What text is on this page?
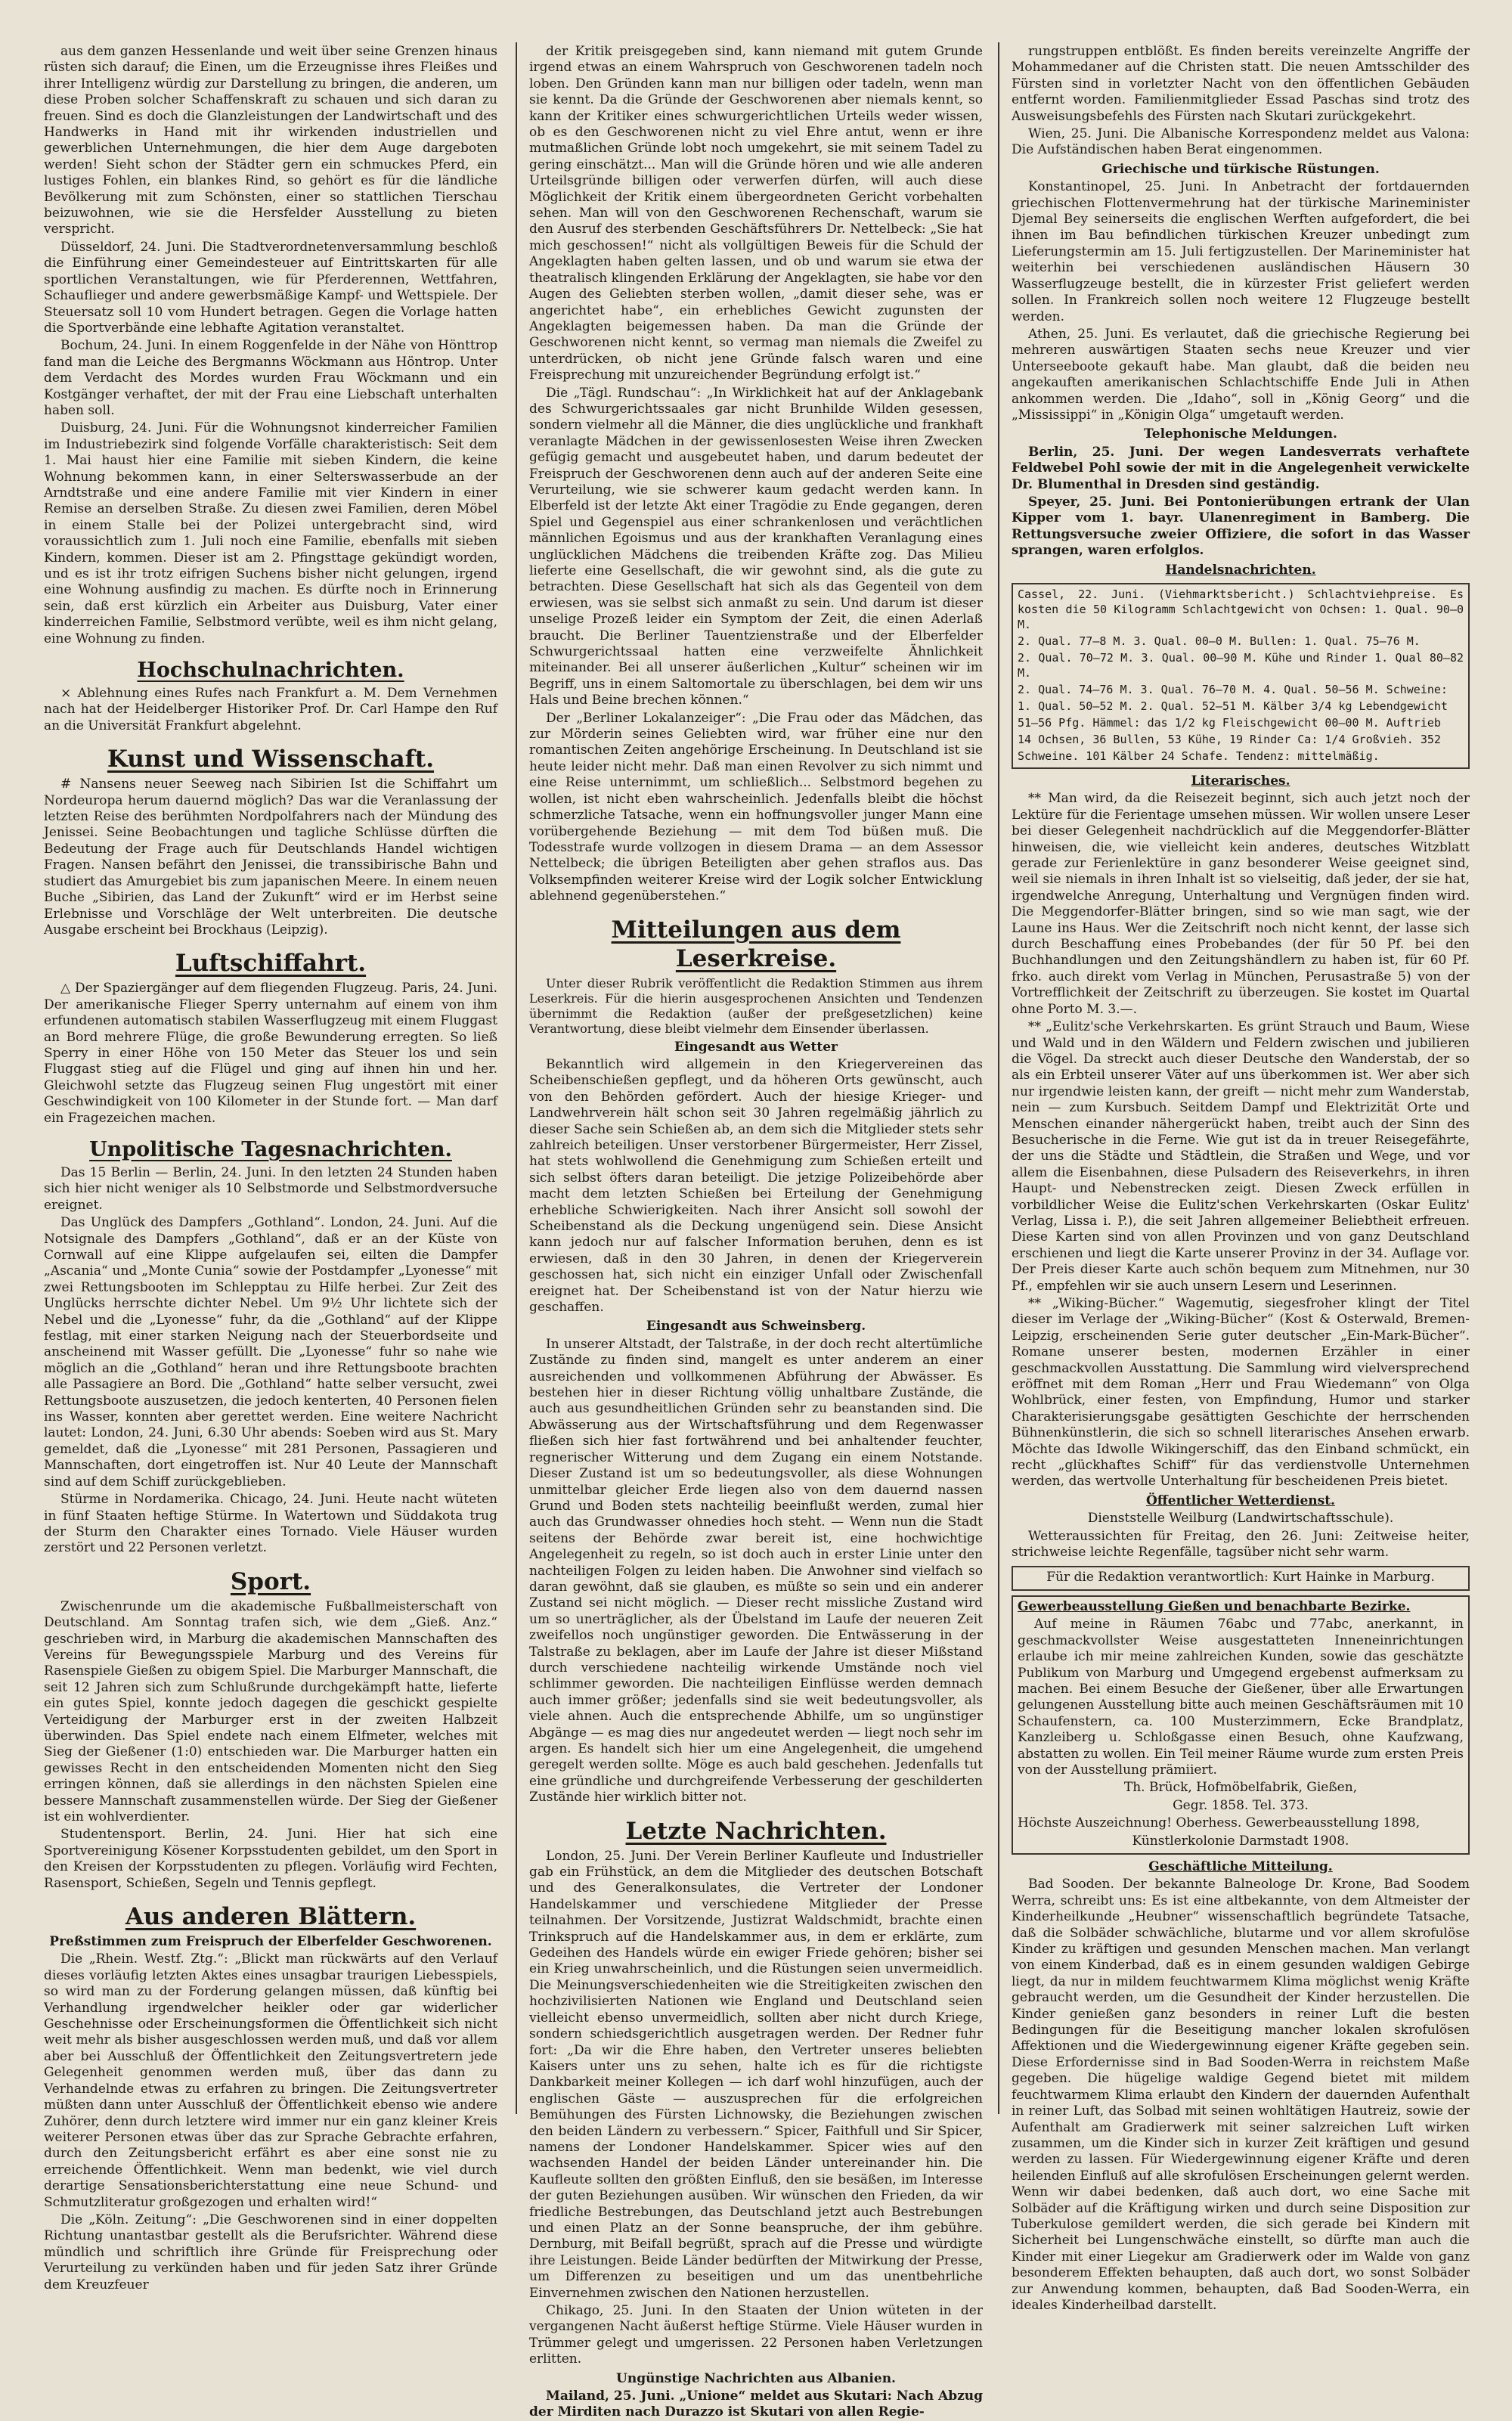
aus dem ganzen Hessenlande und weit über seine Grenzen hinaus rüsten sich darauf; die Einen, um die Erzeugnisse ihres Fleißes und ihrer Intelligenz würdig zur Darstellung zu bringen, die anderen, um diese Proben solcher Schaffenskraft zu schauen und sich daran zu freuen. Sind es doch die Glanzleistungen der Landwirtschaft und des Handwerks in Hand mit ihr wirkenden industriellen und gewerblichen Unternehmungen, die hier dem Auge dargeboten werden! Sieht schon der Städter gern ein schmuckes Pferd, ein lustiges Fohlen, ein blankes Rind, so gehört es für die ländliche Bevölkerung mit zum Schönsten, einer so stattlichen Tierschau beizuwohnen, wie sie die Hersfelder Ausstellung zu bieten verspricht.

Düsseldorf, 24. Juni. Die Stadtverordnetenversammlung beschloß die Einführung einer Gemeindesteuer auf Eintrittskarten für alle sportlichen Veranstaltungen, wie für Pferderennen, Wettfahren, Schauflieger und andere gewerbsmäßige Kampf- und Wettspiele. Der Steuersatz soll 10 vom Hundert betragen. Gegen die Vorlage hatten die Sportverbände eine lebhafte Agitation veranstaltet.

Bochum, 24. Juni. In einem Roggenfelde in der Nähe von Hönttrop fand man die Leiche des Bergmanns Wöckmann aus Höntrop. Unter dem Verdacht des Mordes wurden Frau Wöckmann und ein Kostgänger verhaftet, der mit der Frau eine Liebschaft unterhalten haben soll.

Duisburg, 24. Juni. Für die Wohnungsnot kinderreicher Familien im Industriebezirk sind folgende Vorfälle charakteristisch: Seit dem 1. Mai haust hier eine Familie mit sieben Kindern, die keine Wohnung bekommen kann, in einer Selterswasserbude an der Arndtstraße und eine andere Familie mit vier Kindern in einer Remise an derselben Straße. Zu diesen zwei Familien, deren Möbel in einem Stalle bei der Polizei untergebracht sind, wird voraussichtlich zum 1. Juli noch eine Familie, ebenfalls mit sieben Kindern, kommen. Dieser ist am 2. Pfingsttage gekündigt worden, und es ist ihr trotz eifrigen Suchens bisher nicht gelungen, irgend eine Wohnung ausfindig zu machen. Es dürfte noch in Erinnerung sein, daß erst kürzlich ein Arbeiter aus Duisburg, Vater einer kinderreichen Familie, Selbstmord verübte, weil es ihm nicht gelang, eine Wohnung zu finden.

Hochschulnachrichten.

× Ablehnung eines Rufes nach Frankfurt a. M. Dem Vernehmen nach hat der Heidelberger Historiker Prof. Dr. Carl Hampe den Ruf an die Universität Frankfurt abgelehnt.

Kunst und Wissenschaft.

# Nansens neuer Seeweg nach Sibirien Ist die Schiffahrt um Nordeuropa herum dauernd möglich? Das war die Veranlassung der letzten Reise des berühmten Nordpolfahrers nach der Mündung des Jenissei. Seine Beobachtungen und tagliche Schlüsse dürften die Bedeutung der Frage auch für Deutschlands Handel wichtigen Fragen. Nansen befährt den Jenissei, die transsibirische Bahn und studiert das Amurgebiet bis zum japanischen Meere. In einem neuen Buche „Sibirien, das Land der Zukunft“ wird er im Herbst seine Erlebnisse und Vorschläge der Welt unterbreiten. Die deutsche Ausgabe erscheint bei Brockhaus (Leipzig).

Luftschiffahrt.

△ Der Spaziergänger auf dem fliegenden Flugzeug. Paris, 24. Juni. Der amerikanische Flieger Sperry unternahm auf einem von ihm erfundenen automatisch stabilen Wasserflugzeug mit einem Fluggast an Bord mehrere Flüge, die große Bewunderung erregten. So ließ Sperry in einer Höhe von 150 Meter das Steuer los und sein Fluggast stieg auf die Flügel und ging auf ihnen hin und her. Gleichwohl setzte das Flugzeug seinen Flug ungestört mit einer Geschwindigkeit von 100 Kilometer in der Stunde fort. — Man darf ein Fragezeichen machen.

Unpolitische Tagesnachrichten.

Das 15 Berlin — Berlin, 24. Juni. In den letzten 24 Stunden haben sich hier nicht weniger als 10 Selbstmorde und Selbstmordversuche ereignet.

Das Unglück des Dampfers „Gothland“. London, 24. Juni. Auf die Notsignale des Dampfers „Gothland“, daß er an der Küste von Cornwall auf eine Klippe aufgelaufen sei, eilten die Dampfer „Ascania“ und „Monte Cunia“ sowie der Postdampfer „Lyonesse“ mit zwei Rettungsbooten im Schlepptau zu Hilfe herbei. Zur Zeit des Unglücks herrschte dichter Nebel. Um 9½ Uhr lichtete sich der Nebel und die „Lyonesse“ fuhr, da die „Gothland“ auf der Klippe festlag, mit einer starken Neigung nach der Steuerbordseite und anscheinend mit Wasser gefüllt. Die „Lyonesse“ fuhr so nahe wie möglich an die „Gothland“ heran und ihre Rettungsboote brachten alle Passagiere an Bord. Die „Gothland“ hatte selber versucht, zwei Rettungsboote auszusetzen, die jedoch kenterten, 40 Personen fielen ins Wasser, konnten aber gerettet werden. Eine weitere Nachricht lautet: London, 24. Juni, 6.30 Uhr abends: Soeben wird aus St. Mary gemeldet, daß die „Lyonesse“ mit 281 Personen, Passagieren und Mannschaften, dort eingetroffen ist. Nur 40 Leute der Mannschaft sind auf dem Schiff zurückgeblieben.

Stürme in Nordamerika. Chicago, 24. Juni. Heute nacht wüteten in fünf Staaten heftige Stürme. In Watertown und Süddakota trug der Sturm den Charakter eines Tornado. Viele Häuser wurden zerstört und 22 Personen verletzt.

Sport.

Zwischenrunde um die akademische Fußballmeisterschaft von Deutschland. Am Sonntag trafen sich, wie dem „Gieß. Anz.“ geschrieben wird, in Marburg die akademischen Mannschaften des Vereins für Bewegungsspiele Marburg und des Vereins für Rasenspiele Gießen zu obigem Spiel. Die Marburger Mannschaft, die seit 12 Jahren sich zum Schlußrunde durchgekämpft hatte, lieferte ein gutes Spiel, konnte jedoch dagegen die geschickt gespielte Verteidigung der Marburger erst in der zweiten Halbzeit überwinden. Das Spiel endete nach einem Elfmeter, welches mit Sieg der Gießener (1:0) entschieden war. Die Marburger hatten ein gewisses Recht in den entscheidenden Momenten nicht den Sieg erringen können, daß sie allerdings in den nächsten Spielen eine bessere Mannschaft zusammenstellen würde. Der Sieg der Gießener ist ein wohlverdienter.

Studentensport. Berlin, 24. Juni. Hier hat sich eine Sportvereinigung Kösener Korpsstudenten gebildet, um den Sport in den Kreisen der Korpsstudenten zu pflegen. Vorläufig wird Fechten, Rasensport, Schießen, Segeln und Tennis gepflegt.

Aus anderen Blättern.
Preßstimmen zum Freispruch der Elberfelder Geschworenen.

Die „Rhein. Westf. Ztg.“: „Blickt man rückwärts auf den Verlauf dieses vorläufig letzten Aktes eines unsagbar traurigen Liebesspiels, so wird man zu der Forderung gelangen müssen, daß künftig bei Verhandlung irgendwelcher heikler oder gar widerlicher Geschehnisse oder Erscheinungsformen die Öffentlichkeit sich nicht weit mehr als bisher ausgeschlossen werden muß, und daß vor allem aber bei Ausschluß der Öffentlichkeit den Zeitungsvertretern jede Gelegenheit genommen werden muß, über das dann zu Verhandelnde etwas zu erfahren zu bringen. Die Zeitungsvertreter müßten dann unter Ausschluß der Öffentlichkeit ebenso wie andere Zuhörer, denn durch letztere wird immer nur ein ganz kleiner Kreis weiterer Personen etwas über das zur Sprache Gebrachte erfahren, durch den Zeitungsbericht erfährt es aber eine sonst nie zu erreichende Öffentlichkeit. Wenn man bedenkt, wie viel durch derartige Sensationsberichterstattung eine neue Schund- und Schmutzliteratur großgezogen und erhalten wird!“

Die „Köln. Zeitung“: „Die Geschworenen sind in einer doppelten Richtung unantastbar gestellt als die Berufsrichter. Während diese mündlich und schriftlich ihre Gründe für Freisprechung oder Verurteilung zu verkünden haben und für jeden Satz ihrer Gründe dem Kreuzfeuer

der Kritik preisgegeben sind, kann niemand mit gutem Grunde irgend etwas an einem Wahrspruch von Geschworenen tadeln noch loben. Den Gründen kann man nur billigen oder tadeln, wenn man sie kennt. Da die Gründe der Geschworenen aber niemals kennt, so kann der Kritiker eines schwurgerichtlichen Urteils weder wissen, ob es den Geschworenen nicht zu viel Ehre antut, wenn er ihre mutmaßlichen Gründe lobt noch umgekehrt, sie mit seinem Tadel zu gering einschätzt... Man will die Gründe hören und wie alle anderen Urteilsgründe billigen oder verwerfen dürfen, will auch diese Möglichkeit der Kritik einem übergeordneten Gericht vorbehalten sehen. Man will von den Geschworenen Rechenschaft, warum sie den Ausruf des sterbenden Geschäftsführers Dr. Nettelbeck: „Sie hat mich geschossen!“ nicht als vollgültigen Beweis für die Schuld der Angeklagten haben gelten lassen, und ob und warum sie etwa der theatralisch klingenden Erklärung der Angeklagten, sie habe vor den Augen des Geliebten sterben wollen, „damit dieser sehe, was er angerichtet habe“, ein erhebliches Gewicht zugunsten der Angeklagten beigemessen haben. Da man die Gründe der Geschworenen nicht kennt, so vermag man niemals die Zweifel zu unterdrücken, ob nicht jene Gründe falsch waren und eine Freisprechung mit unzureichender Begründung erfolgt ist.“

Die „Tägl. Rundschau“: „In Wirklichkeit hat auf der Anklagebank des Schwurgerichtssaales gar nicht Brunhilde Wilden gesessen, sondern vielmehr all die Männer, die dies unglückliche und frankhaft veranlagte Mädchen in der gewissenlosesten Weise ihren Zwecken gefügig gemacht und ausgebeutet haben, und darum bedeutet der Freispruch der Geschworenen denn auch auf der anderen Seite eine Verurteilung, wie sie schwerer kaum gedacht werden kann. In Elberfeld ist der letzte Akt einer Tragödie zu Ende gegangen, deren Spiel und Gegenspiel aus einer schrankenlosen und verächtlichen männlichen Egoismus und aus der krankhaften Veranlagung eines unglücklichen Mädchens die treibenden Kräfte zog. Das Milieu lieferte eine Gesellschaft, die wir gewohnt sind, als die gute zu betrachten. Diese Gesellschaft hat sich als das Gegenteil von dem erwiesen, was sie selbst sich anmaßt zu sein. Und darum ist dieser unselige Prozeß leider ein Symptom der Zeit, die einen Aderlaß braucht. Die Berliner Tauentzienstraße und der Elberfelder Schwurgerichtssaal hatten eine verzweifelte Ähnlichkeit miteinander. Bei all unserer äußerlichen „Kultur“ scheinen wir im Begriff, uns in einem Saltomortale zu überschlagen, bei dem wir uns Hals und Beine brechen können.“

Der „Berliner Lokalanzeiger“: „Die Frau oder das Mädchen, das zur Mörderin seines Geliebten wird, war früher eine nur den romantischen Zeiten angehörige Erscheinung. In Deutschland ist sie heute leider nicht mehr. Daß man einen Revolver zu sich nimmt und eine Reise unternimmt, um schließlich... Selbstmord begehen zu wollen, ist nicht eben wahrscheinlich. Jedenfalls bleibt die höchst schmerzliche Tatsache, wenn ein hoffnungsvoller junger Mann eine vorübergehende Beziehung — mit dem Tod büßen muß. Die Todesstrafe wurde vollzogen in diesem Drama — an dem Assessor Nettelbeck; die übrigen Beteiligten aber gehen straflos aus. Das Volksempfinden weiterer Kreise wird der Logik solcher Entwicklung ablehnend gegenüberstehen.“

Mitteilungen aus dem Leserkreise.

Unter dieser Rubrik veröffentlicht die Redaktion Stimmen aus ihrem Leserkreis. Für die hierin ausgesprochenen Ansichten und Tendenzen übernimmt die Redaktion (außer der preßgesetzlichen) keine Verantwortung, diese bleibt vielmehr dem Einsender überlassen.

Eingesandt aus Wetter

Bekanntlich wird allgemein in den Kriegervereinen das Scheibenschießen gepflegt, und da höheren Orts gewünscht, auch von den Behörden gefördert. Auch der hiesige Krieger- und Landwehrverein hält schon seit 30 Jahren regelmäßig jährlich zu dieser Sache sein Schießen ab, an dem sich die Mitglieder stets sehr zahlreich beteiligen. Unser verstorbener Bürgermeister, Herr Zissel, hat stets wohlwollend die Genehmigung zum Schießen erteilt und sich selbst öfters daran beteiligt. Die jetzige Polizeibehörde aber macht dem letzten Schießen bei Erteilung der Genehmigung erhebliche Schwierigkeiten. Nach ihrer Ansicht soll sowohl der Scheibenstand als die Deckung ungenügend sein. Diese Ansicht kann jedoch nur auf falscher Information beruhen, denn es ist erwiesen, daß in den 30 Jahren, in denen der Kriegerverein geschossen hat, sich nicht ein einziger Unfall oder Zwischenfall ereignet hat. Der Scheibenstand ist von der Natur hierzu wie geschaffen.

Eingesandt aus Schweinsberg.

In unserer Altstadt, der Talstraße, in der doch recht altertümliche Zustände zu finden sind, mangelt es unter anderem an einer ausreichenden und vollkommenen Abführung der Abwässer. Es bestehen hier in dieser Richtung völlig unhaltbare Zustände, die auch aus gesundheitlichen Gründen sehr zu beanstanden sind. Die Abwässerung aus der Wirtschaftsführung und dem Regenwasser fließen sich hier fast fortwährend und bei anhaltender feuchter, regnerischer Witterung und dem Zugang ein einem Notstande. Dieser Zustand ist um so bedeutungsvoller, als diese Wohnungen unmittelbar gleicher Erde liegen also von dem dauernd nassen Grund und Boden stets nachteilig beeinflußt werden, zumal hier auch das Grundwasser ohnedies hoch steht. — Wenn nun die Stadt seitens der Behörde zwar bereit ist, eine hochwichtige Angelegenheit zu regeln, so ist doch auch in erster Linie unter den nachteiligen Folgen zu leiden haben. Die Anwohner sind vielfach so daran gewöhnt, daß sie glauben, es müßte so sein und ein anderer Zustand sei nicht möglich. — Dieser recht missliche Zustand wird um so unerträglicher, als der Übelstand im Laufe der neueren Zeit zweifellos noch ungünstiger geworden. Die Entwässerung in der Talstraße zu beklagen, aber im Laufe der Jahre ist dieser Mißstand durch verschiedene nachteilig wirkende Umstände noch viel schlimmer geworden. Die nachteiligen Einflüsse werden demnach auch immer größer; jedenfalls sind sie weit bedeutungsvoller, als viele ahnen. Auch die entsprechende Abhilfe, um so ungünstiger Abgänge — es mag dies nur angedeutet werden — liegt noch sehr im argen. Es handelt sich hier um eine Angelegenheit, die umgehend geregelt werden sollte. Möge es auch bald geschehen. Jedenfalls tut eine gründliche und durchgreifende Verbesserung der geschilderten Zustände hier wirklich bitter not.

Letzte Nachrichten.

London, 25. Juni. Der Verein Berliner Kaufleute und Industrieller gab ein Frühstück, an dem die Mitglieder des deutschen Botschaft und des Generalkonsulates, die Vertreter der Londoner Handelskammer und verschiedene Mitglieder der Presse teilnahmen. Der Vorsitzende, Justizrat Waldschmidt, brachte einen Trinkspruch auf die Handelskammer aus, in dem er erklärte, zum Gedeihen des Handels würde ein ewiger Friede gehören; bisher sei ein Krieg unwahrscheinlich, und die Rüstungen seien unvermeidlich. Die Meinungsverschiedenheiten wie die Streitigkeiten zwischen den hochzivilisierten Nationen wie England und Deutschland seien vielleicht ebenso unvermeidlich, sollten aber nicht durch Kriege, sondern schiedsgerichtlich ausgetragen werden. Der Redner fuhr fort: „Da wir die Ehre haben, den Vertreter unseres beliebten Kaisers unter uns zu sehen, halte ich es für die richtigste Dankbarkeit meiner Kollegen — ich darf wohl hinzufügen, auch der englischen Gäste — auszusprechen für die erfolgreichen Bemühungen des Fürsten Lichnowsky, die Beziehungen zwischen den beiden Ländern zu verbessern.“ Spicer, Faithfull und Sir Spicer, namens der Londoner Handelskammer. Spicer wies auf den wachsenden Handel der beiden Länder untereinander hin. Die Kaufleute sollten den größten Einfluß, den sie besäßen, im Interesse der guten Beziehungen ausüben. Wir wünschen den Frieden, da wir friedliche Bestrebungen, das Deutschland jetzt auch Bestrebungen und einen Platz an der Sonne beanspruche, der ihm gebühre. Dernburg, mit Beifall begrüßt, sprach auf die Presse und würdigte ihre Leistungen. Beide Länder bedürften der Mitwirkung der Presse, um Differenzen zu beseitigen und um das unentbehrliche Einvernehmen zwischen den Nationen herzustellen.

Chikago, 25. Juni. In den Staaten der Union wüteten in der vergangenen Nacht äußerst heftige Stürme. Viele Häuser wurden in Trümmer gelegt und umgerissen. 22 Personen haben Verletzungen erlitten.

Ungünstige Nachrichten aus Albanien.

Mailand, 25. Juni. „Unione“ meldet aus Skutari: Nach Abzug der Mirditen nach Durazzo ist Skutari von allen Regie-

rungstruppen entblößt. Es finden bereits vereinzelte Angriffe der Mohammedaner auf die Christen statt. Die neuen Amtsschilder des Fürsten sind in vorletzter Nacht von den öffentlichen Gebäuden entfernt worden. Familienmitglieder Essad Paschas sind trotz des Ausweisungsbefehls des Fürsten nach Skutari zurückgekehrt.

Wien, 25. Juni. Die Albanische Korrespondenz meldet aus Valona: Die Aufständischen haben Berat eingenommen.

Griechische und türkische Rüstungen.

Konstantinopel, 25. Juni. In Anbetracht der fortdauernden griechischen Flottenvermehrung hat der türkische Marineminister Djemal Bey seinerseits die englischen Werften aufgefordert, die bei ihnen im Bau befindlichen türkischen Kreuzer unbedingt zum Lieferungstermin am 15. Juli fertigzustellen. Der Marineminister hat weiterhin bei verschiedenen ausländischen Häusern 30 Wasserflugzeuge bestellt, die in kürzester Frist geliefert werden sollen. In Frankreich sollen noch weitere 12 Flugzeuge bestellt werden.

Athen, 25. Juni. Es verlautet, daß die griechische Regierung bei mehreren auswärtigen Staaten sechs neue Kreuzer und vier Unterseeboote gekauft habe. Man glaubt, daß die beiden neu angekauften amerikanischen Schlachtschiffe Ende Juli in Athen ankommen werden. Die „Idaho“, soll in „König Georg“ und die „Mississippi“ in „Königin Olga“ umgetauft werden.

Telephonische Meldungen.

Berlin, 25. Juni. Der wegen Landesverrats verhaftete Feldwebel Pohl sowie der mit in die Angelegenheit verwickelte Dr. Blumenthal in Dresden sind geständig.

Speyer, 25. Juni. Bei Pontonierübungen ertrank der Ulan Kipper vom 1. bayr. Ulanenregiment in Bamberg. Die Rettungsversuche zweier Offiziere, die sofort in das Wasser sprangen, waren erfolglos.

Handelsnachrichten.

Cassel, 22. Juni. (Viehmarktsbericht.) Schlachtviehpreise. Es kosten die 50 Kilogramm Schlachtgewicht von Ochsen: 1. Qual. 90—0 M.

2. Qual. 77—8 M. 3. Qual. 00—0 M. Bullen: 1. Qual. 75—76 M.

2. Qual. 70—72 M. 3. Qual. 00—90 M. Kühe und Rinder 1. Qual 80—82 M.

2. Qual. 74—76 M. 3. Qual. 76—70 M. 4. Qual. 50—56 M. Schweine:

1. Qual. 50—52 M. 2. Qual. 52—51 M. Kälber 3/4 kg Lebendgewicht

51—56 Pfg. Hämmel: das 1/2 kg Fleischgewicht 00—00 M. Auftrieb

14 Ochsen, 36 Bullen, 53 Kühe, 19 Rinder Ca: 1/4 Großvieh. 352

Schweine. 101 Kälber 24 Schafe. Tendenz: mittelmäßig.

Literarisches.

** Man wird, da die Reisezeit beginnt, sich auch jetzt noch der Lektüre für die Ferientage umsehen müssen. Wir wollen unsere Leser bei dieser Gelegenheit nachdrücklich auf die Meggendorfer-Blätter hinweisen, die, wie vielleicht kein anderes, deutsches Witzblatt gerade zur Ferienlektüre in ganz besonderer Weise geeignet sind, weil sie niemals in ihren Inhalt ist so vielseitig, daß jeder, der sie hat, irgendwelche Anregung, Unterhaltung und Vergnügen finden wird. Die Meggendorfer-Blätter bringen, sind so wie man sagt, wie der Laune ins Haus. Wer die Zeitschrift noch nicht kennt, der lasse sich durch Beschaffung eines Probebandes (der für 50 Pf. bei den Buchhandlungen und den Zeitungshändlern zu haben ist, für 60 Pf. frko. auch direkt vom Verlag in München, Perusastraße 5) von der Vortrefflichkeit der Zeitschrift zu überzeugen. Sie kostet im Quartal ohne Porto M. 3.—.

** „Eulitz'sche Verkehrskarten. Es grünt Strauch und Baum, Wiese und Wald und in den Wäldern und Feldern zwischen und jubilieren die Vögel. Da streckt auch dieser Deutsche den Wanderstab, der so als ein Erbteil unserer Väter auf uns überkommen ist. Wer aber sich nur irgendwie leisten kann, der greift — nicht mehr zum Wanderstab, nein — zum Kursbuch. Seitdem Dampf und Elektrizität Orte und Menschen einander nähergerückt haben, treibt auch der Sinn des Besucherische in die Ferne. Wie gut ist da in treuer Reisegefährte, der uns die Städte und Städtlein, die Straßen und Wege, und vor allem die Eisenbahnen, diese Pulsadern des Reiseverkehrs, in ihren Haupt- und Nebenstrecken zeigt. Diesen Zweck erfüllen in vorbildlicher Weise die Eulitz'schen Verkehrskarten (Oskar Eulitz' Verlag, Lissa i. P.), die seit Jahren allgemeiner Beliebtheit erfreuen. Diese Karten sind von allen Provinzen und von ganz Deutschland erschienen und liegt die Karte unserer Provinz in der 34. Auflage vor. Der Preis dieser Karte auch schön bequem zum Mitnehmen, nur 30 Pf., empfehlen wir sie auch unsern Lesern und Leserinnen.

** „Wiking-Bücher.“ Wagemutig, siegesfroher klingt der Titel dieser im Verlage der „Wiking-Bücher“ (Kost & Osterwald, Bremen-Leipzig, erscheinenden Serie guter deutscher „Ein-Mark-Bücher“. Romane unserer besten, modernen Erzähler in einer geschmackvollen Ausstattung. Die Sammlung wird vielversprechend eröffnet mit dem Roman „Herr und Frau Wiedemann“ von Olga Wohlbrück, einer festen, von Empfindung, Humor und starker Charakterisierungsgabe gesättigten Geschichte der herrschenden Bühnenkünstlerin, die sich so schnell literarisches Ansehen erwarb. Möchte das Idwolle Wikingerschiff, das den Einband schmückt, ein recht „glückhaftes Schiff“ für das verdienstvolle Unternehmen werden, das wertvolle Unterhaltung für bescheidenen Preis bietet.

Öffentlicher Wetterdienst.

Dienststelle Weilburg (Landwirtschaftsschule).

Wetteraussichten für Freitag, den 26. Juni: Zeitweise heiter, strichweise leichte Regenfälle, tagsüber nicht sehr warm.

Für die Redaktion verantwortlich: Kurt Hainke in Marburg.

Gewerbeausstellung Gießen und benachbarte Bezirke.

Auf meine in Räumen 76abc und 77abc, anerkannt, in geschmackvollster Weise ausgestatteten Inneneinrichtungen erlaube ich mir meine zahlreichen Kunden, sowie das geschätzte Publikum von Marburg und Umgegend ergebenst aufmerksam zu machen. Bei einem Besuche der Gießener, über alle Erwartungen gelungenen Ausstellung bitte auch meinen Geschäftsräumen mit 10 Schaufenstern, ca. 100 Musterzimmern, Ecke Brandplatz, Kanzleiberg u. Schloßgasse einen Besuch, ohne Kaufzwang, abstatten zu wollen. Ein Teil meiner Räume wurde zum ersten Preis von der Ausstellung prämiiert.

Th. Brück, Hofmöbelfabrik, Gießen,

Gegr. 1858. Tel. 373.

Höchste Auszeichnung! Oberhess. Gewerbeausstellung 1898,

Künstlerkolonie Darmstadt 1908.

Geschäftliche Mitteilung.

Bad Sooden. Der bekannte Balneologe Dr. Krone, Bad Soodem Werra, schreibt uns: Es ist eine altbekannte, von dem Altmeister der Kinderheilkunde „Heubner“ wissenschaftlich begründete Tatsache, daß die Solbäder schwächliche, blutarme und vor allem skrofulöse Kinder zu kräftigen und gesunden Menschen machen. Man verlangt von einem Kinderbad, daß es in einem gesunden waldigen Gebirge liegt, da nur in mildem feuchtwarmem Klima möglichst wenig Kräfte gebraucht werden, um die Gesundheit der Kinder herzustellen. Die Kinder genießen ganz besonders in reiner Luft die besten Bedingungen für die Beseitigung mancher lokalen skrofulösen Affektionen und die Wiedergewinnung eigener Kräfte gegeben sein. Diese Erfordernisse sind in Bad Sooden-Werra in reichstem Maße gegeben. Die hügelige waldige Gegend bietet mit mildem feuchtwarmem Klima erlaubt den Kindern der dauernden Aufenthalt in reiner Luft, das Solbad mit seinen wohltätigen Hautreiz, sowie der Aufenthalt am Gradierwerk mit seiner salzreichen Luft wirken zusammen, um die Kinder sich in kurzer Zeit kräftigen und gesund werden zu lassen. Für Wiedergewinnung eigener Kräfte und deren heilenden Einfluß auf alle skrofulösen Erscheinungen gelernt werden. Wenn wir dabei bedenken, daß auch dort, wo eine Sache mit Solbäder auf die Kräftigung wirken und durch seine Disposition zur Tuberkulose gemildert werden, die sich gerade bei Kindern mit Sicherheit bei Lungenschwäche einstellt, so dürfte man auch die Kinder mit einer Liegekur am Gradierwerk oder im Walde von ganz besonderem Effekten behaupten, daß auch dort, wo sonst Solbäder zur Anwendung kommen, behaupten, daß Bad Sooden-Werra, ein ideales Kinderheilbad darstellt.
